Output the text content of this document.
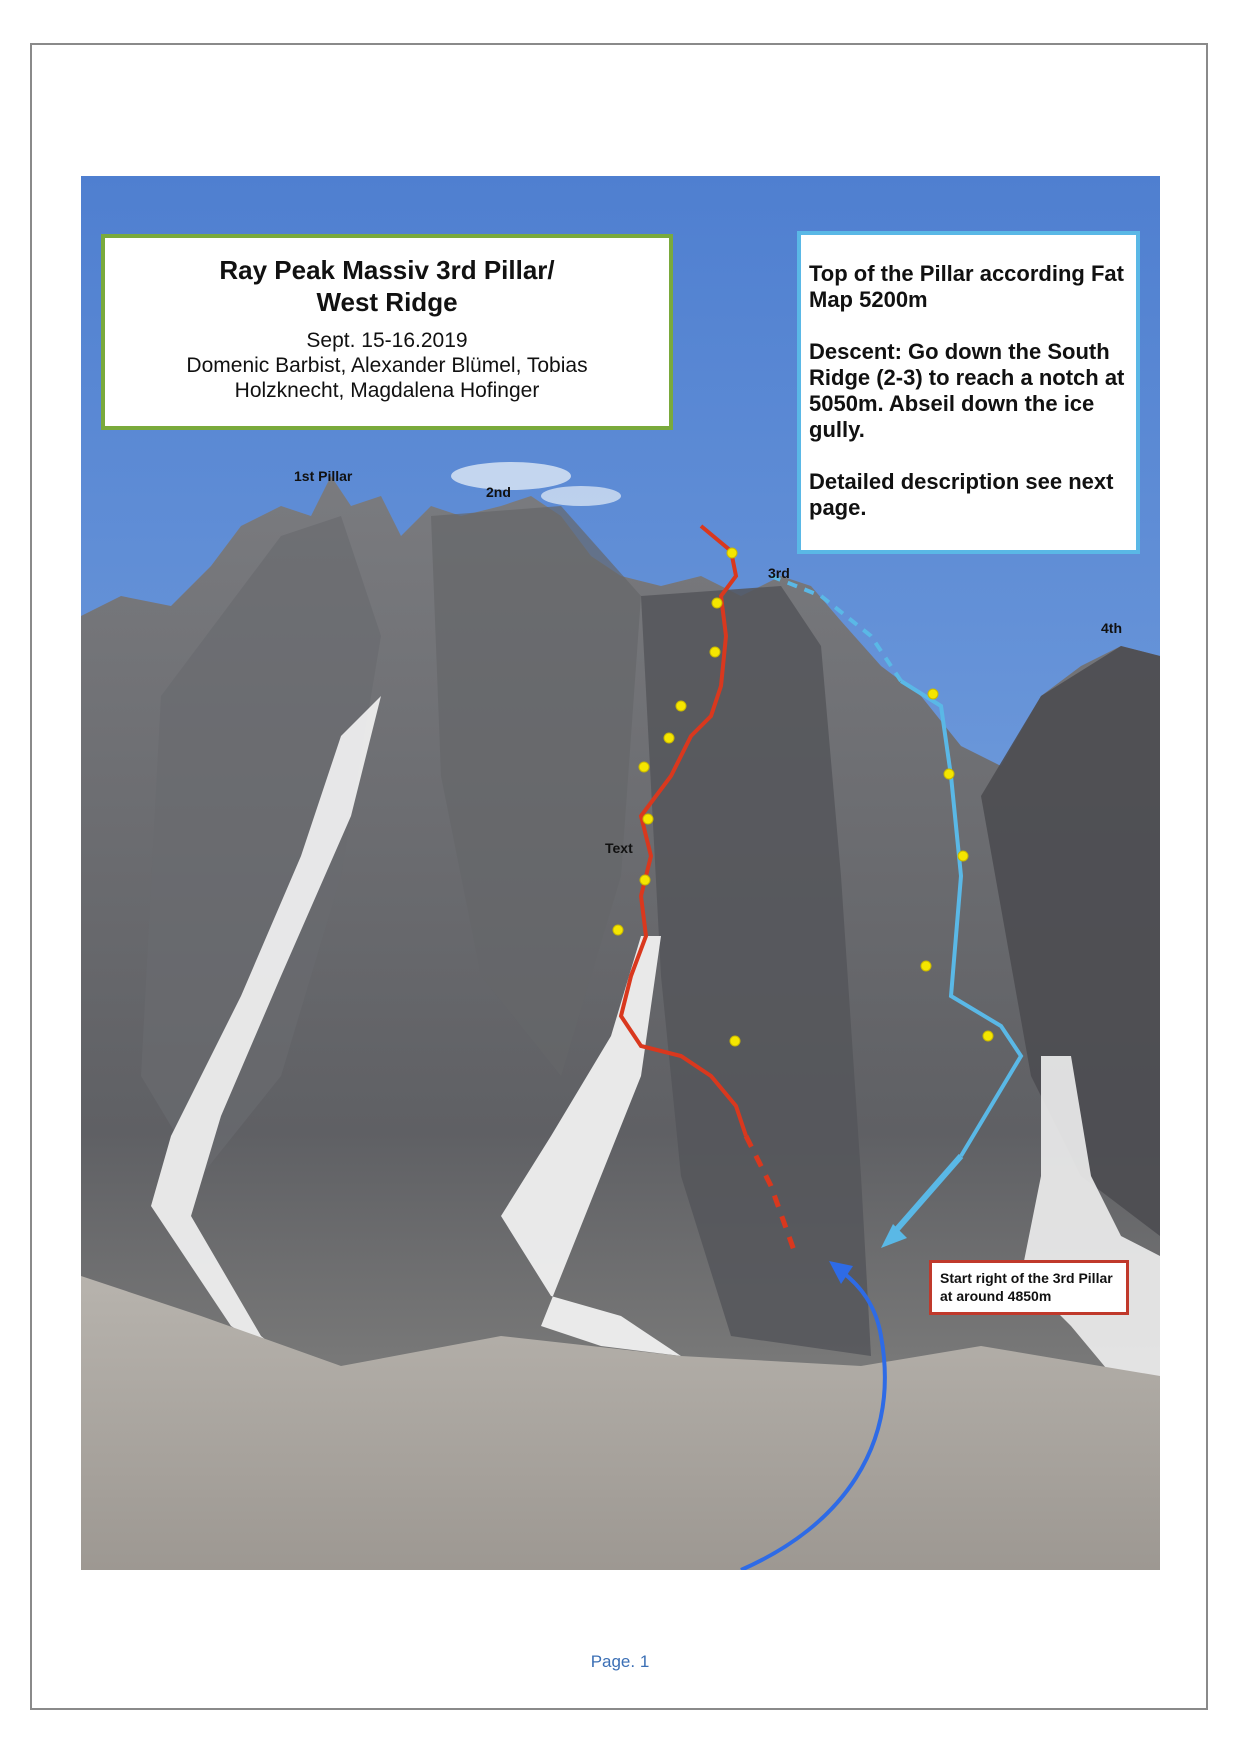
1st Pillar
2nd
3rd
4th
Text
Ray Peak Massiv 3rd Pillar/
West Ridge
Sept. 15-16.2019
Domenic Barbist, Alexander Blümel, Tobias
Holzknecht, Magdalena Hofinger

Top of the Pillar according Fat Map 5200m

Descent: Go down the South Ridge (2-3) to reach a notch at 5050m. Abseil down the ice gully.

Detailed description see next page.

Start right of the 3rd Pillar at around 4850m
Page. 1
